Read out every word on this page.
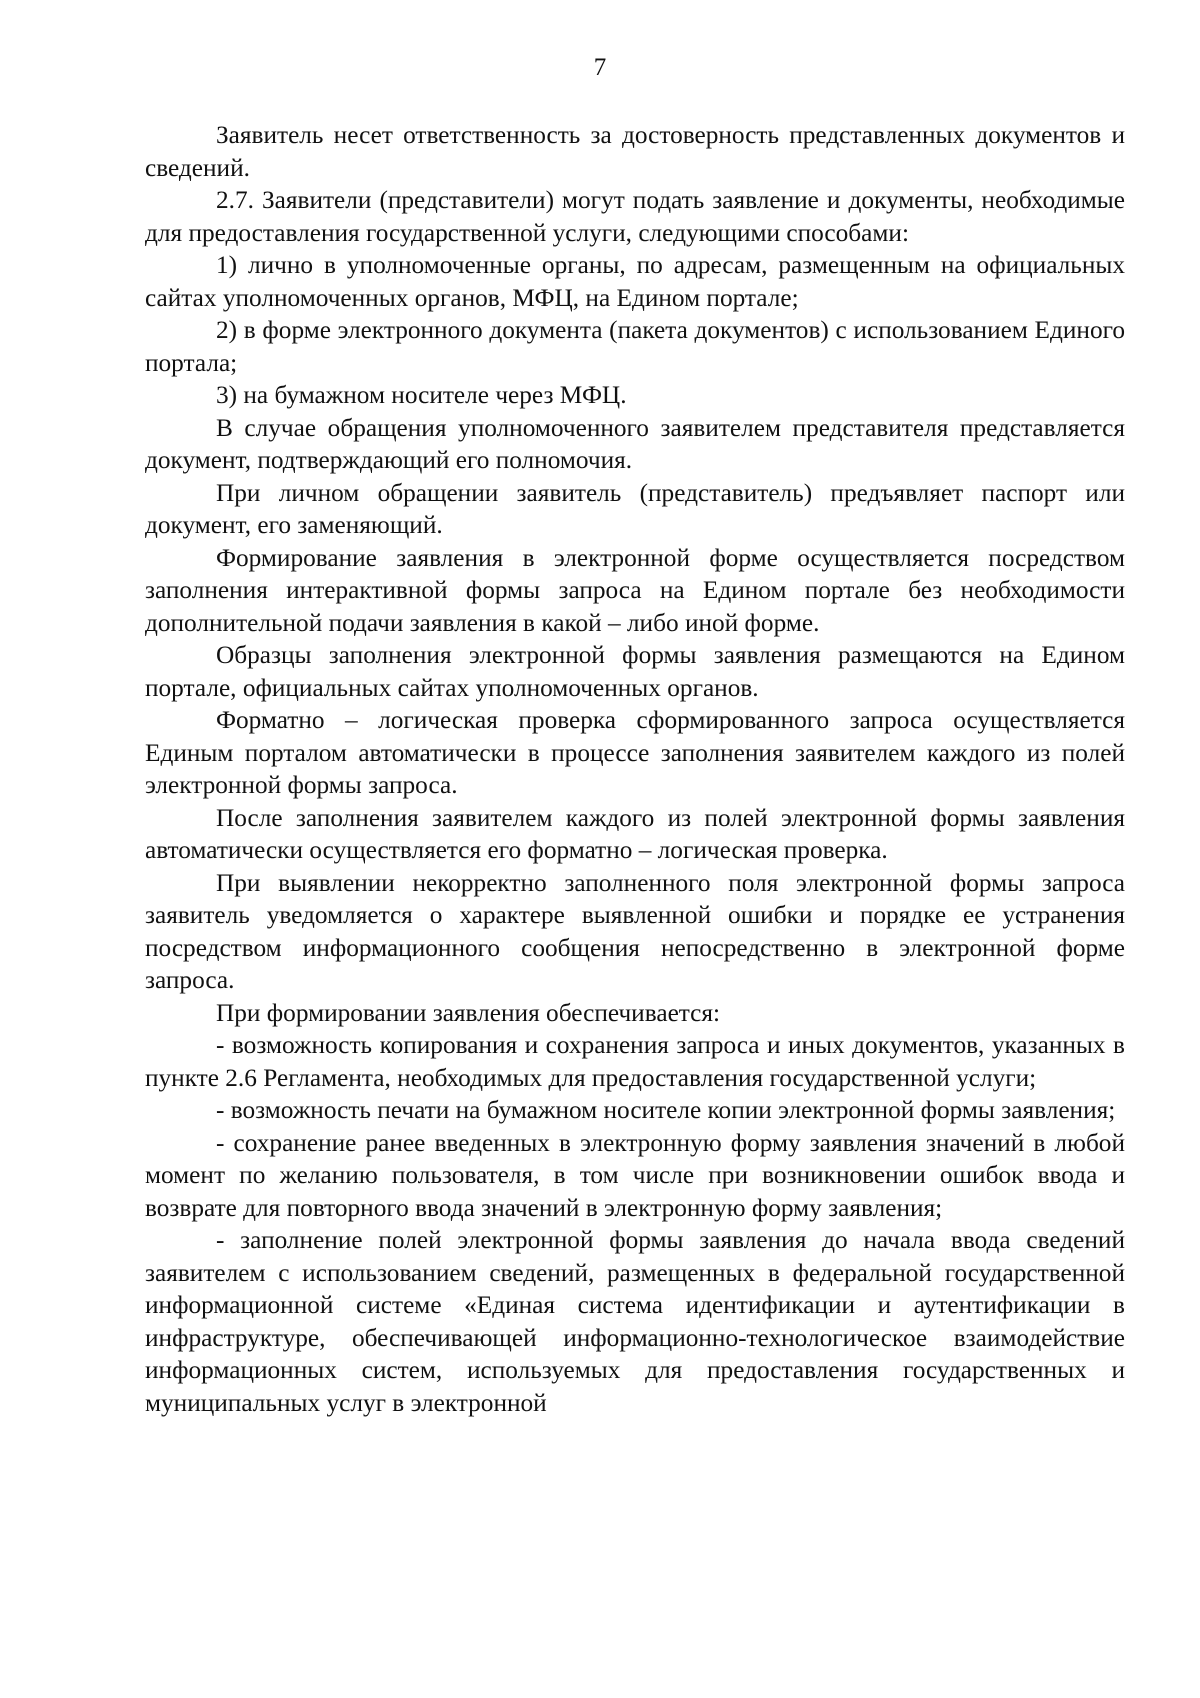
7

Заявитель несет ответственность за достоверность представленных документов и сведений.

2.7. Заявители (представители) могут подать заявление и документы, необходимые для предоставления государственной услуги, следующими способами:

1) лично в уполномоченные органы, по адресам, размещенным на официальных сайтах уполномоченных органов, МФЦ, на Едином портале;

2) в форме электронного документа (пакета документов) с использованием Единого портала;

3) на бумажном носителе через МФЦ.

В случае обращения уполномоченного заявителем представителя представляется документ, подтверждающий его полномочия.

При личном обращении заявитель (представитель) предъявляет паспорт или документ, его заменяющий.

Формирование заявления в электронной форме осуществляется посредством заполнения интерактивной формы запроса на Едином портале без необходимости дополнительной подачи заявления в какой – либо иной форме.

Образцы заполнения электронной формы заявления размещаются на Едином портале, официальных сайтах уполномоченных органов.

Форматно – логическая проверка сформированного запроса осуществляется Единым порталом автоматически в процессе заполнения заявителем каждого из полей электронной формы запроса.

После заполнения заявителем каждого из полей электронной формы заявления автоматически осуществляется его форматно – логическая проверка.

При выявлении некорректно заполненного поля электронной формы запроса заявитель уведомляется о характере выявленной ошибки и порядке ее устранения посредством информационного сообщения непосредственно в электронной форме запроса.

При формировании заявления обеспечивается:

- возможность копирования и сохранения запроса и иных документов, указанных в пункте 2.6 Регламента, необходимых для предоставления государственной услуги;

- возможность печати на бумажном носителе копии электронной формы заявления;

- сохранение ранее введенных в электронную форму заявления значений в любой момент по желанию пользователя, в том числе при возникновении ошибок ввода и возврате для повторного ввода значений в электронную форму заявления;

- заполнение полей электронной формы заявления до начала ввода сведений заявителем с использованием сведений, размещенных в федеральной государственной информационной системе «Единая система идентификации и аутентификации в инфраструктуре, обеспечивающей информационно-технологическое взаимодействие информационных систем, используемых для предоставления государственных и муниципальных услуг в электронной
